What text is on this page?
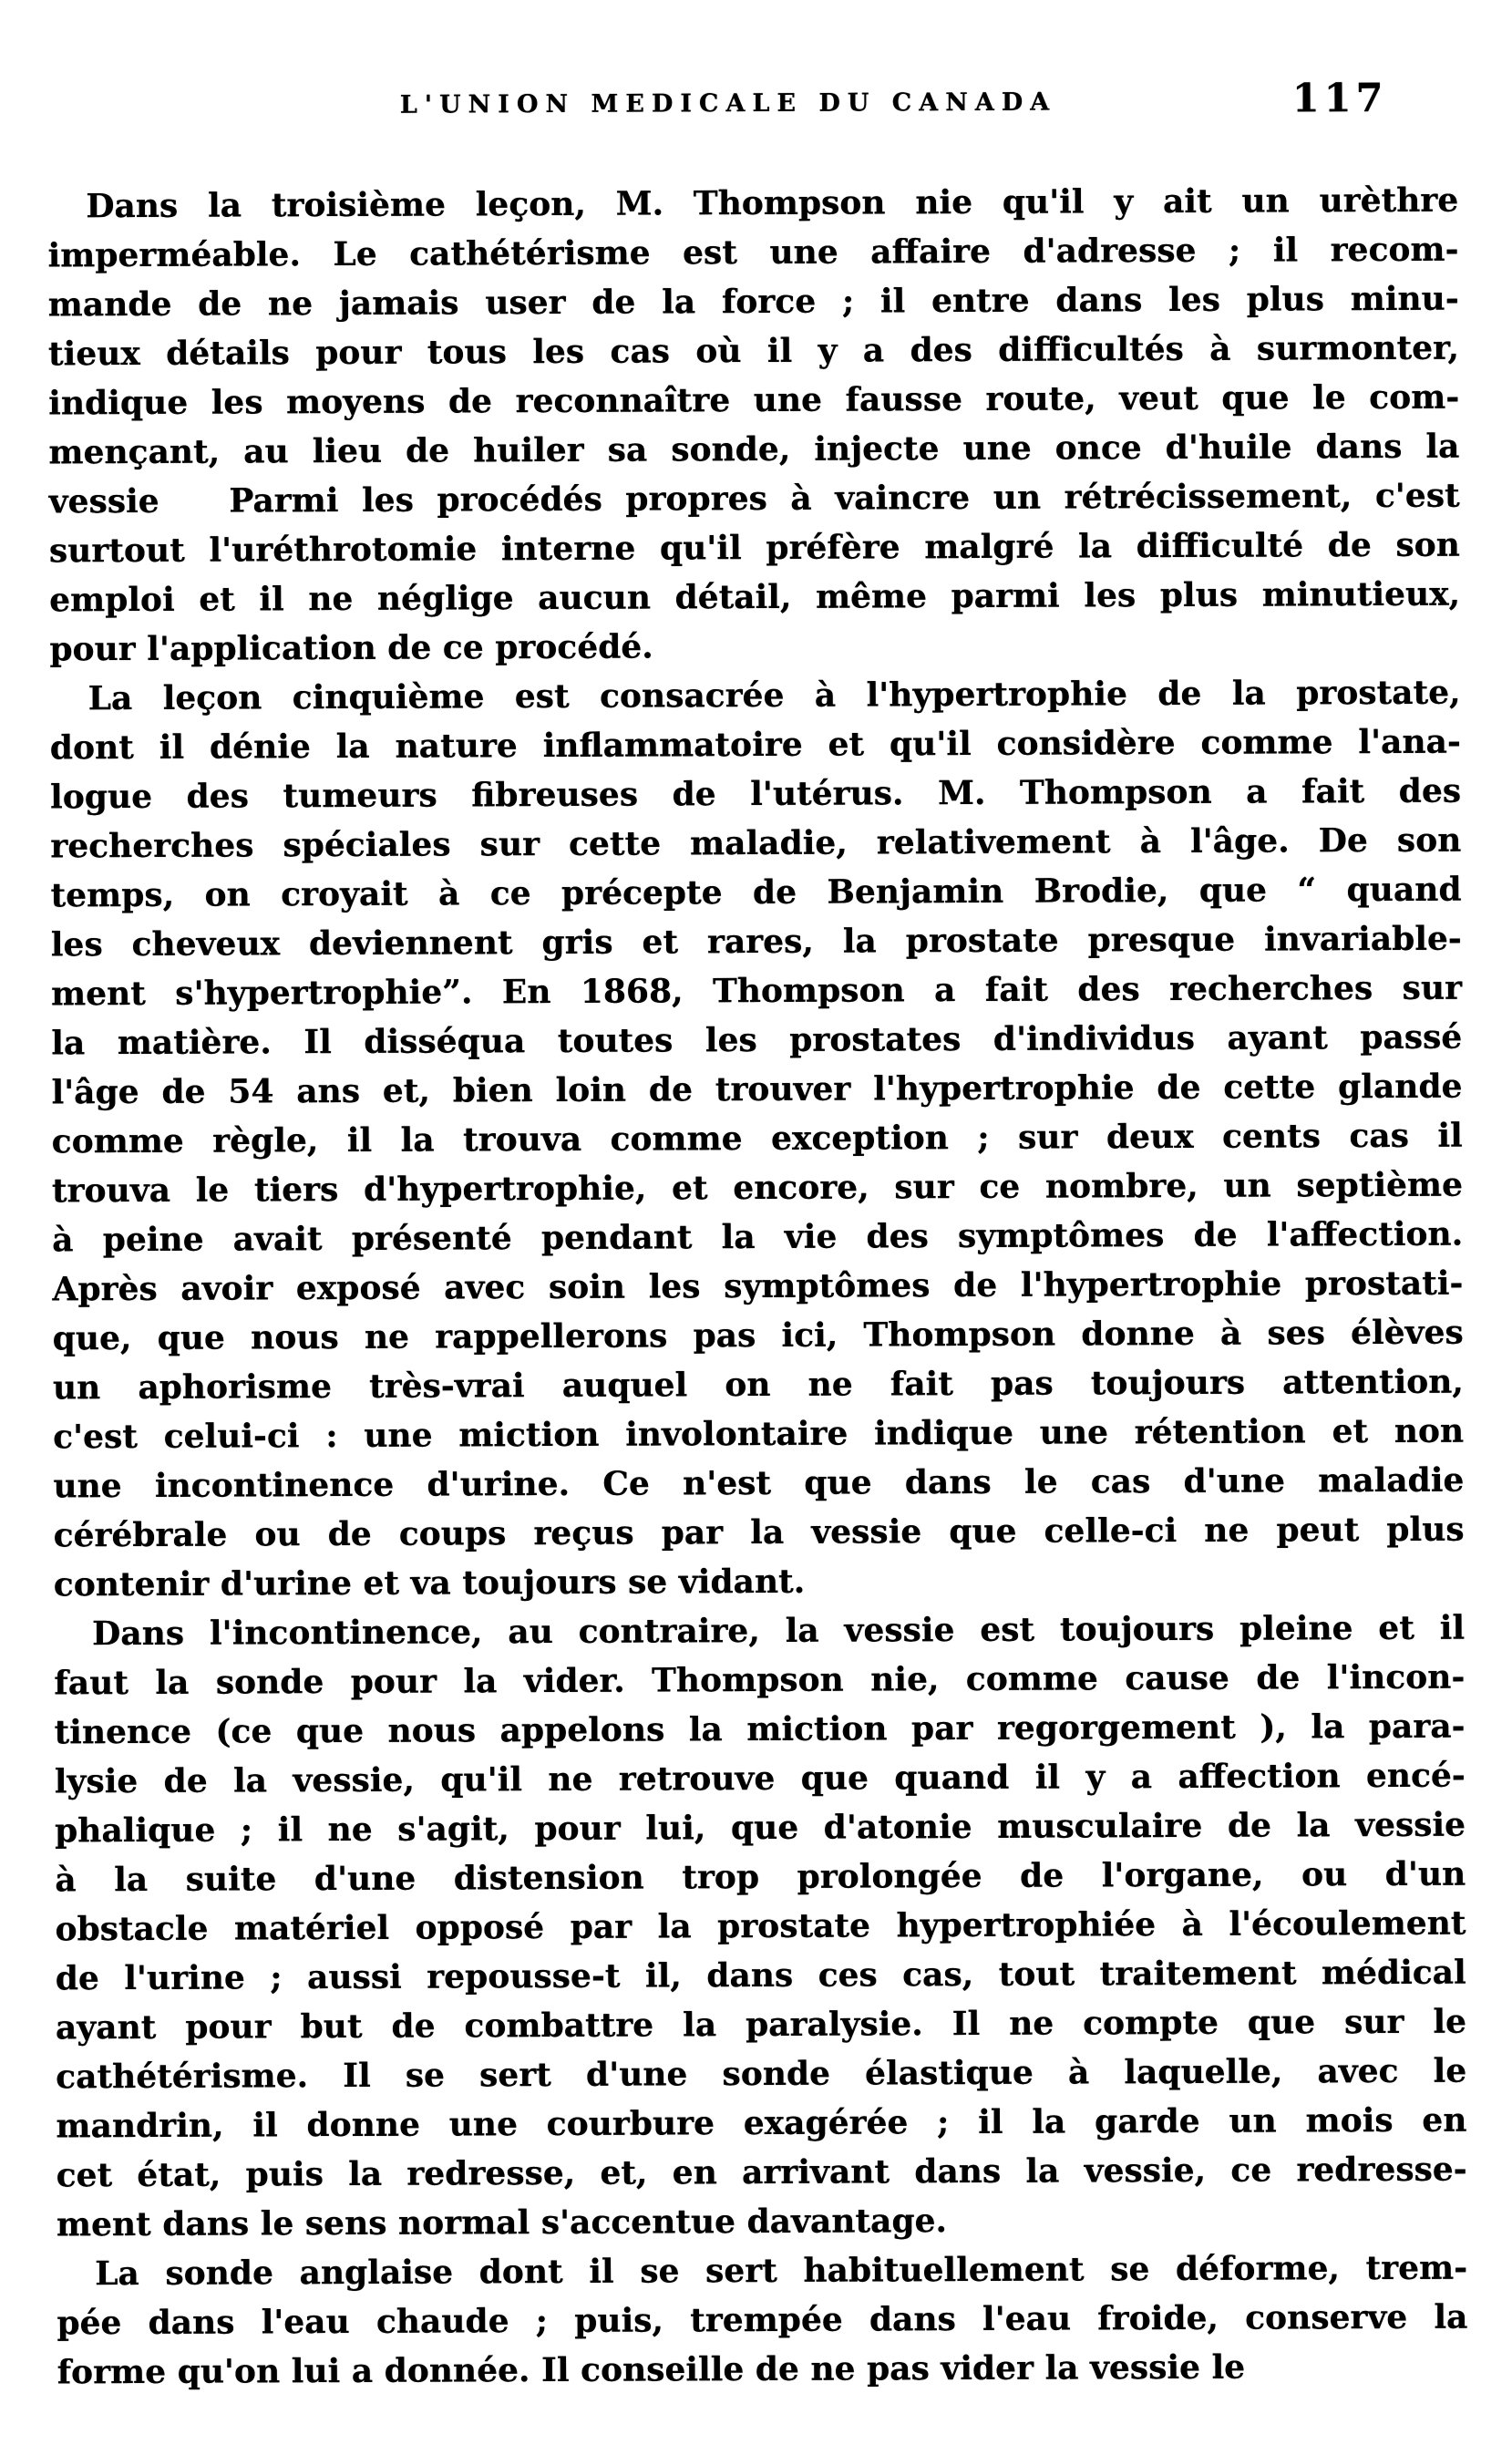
L'UNION MEDICALE DU CANADA	117
Dans la troisième leçon, M. Thompson nie qu'il y ait un urèthre
imperméable. Le cathétérisme est une affaire d'adresse ; il recom-
mande de ne jamais user de la force ; il entre dans les plus minu-
tieux détails pour tous les cas où il y a des difficultés à surmonter,
indique les moyens de reconnaître une fausse route, veut que le com-
mençant, au lieu de huiler sa sonde, injecte une once d'huile dans la
vessie   Parmi les procédés propres à vaincre un rétrécissement, c'est
surtout l'uréthrotomie interne qu'il préfère malgré la difficulté de son
emploi et il ne néglige aucun détail, même parmi les plus minutieux,
pour l'application de ce procédé.
La leçon cinquième est consacrée à l'hypertrophie de la prostate,
dont il dénie la nature inflammatoire et qu'il considère comme l'ana-
logue des tumeurs fibreuses de l'utérus. M. Thompson a fait des
recherches spéciales sur cette maladie, relativement à l'âge. De son
temps, on croyait à ce précepte de Benjamin Brodie, que “ quand
les cheveux deviennent gris et rares, la prostate presque invariable-
ment s'hypertrophie”. En 1868, Thompson a fait des recherches sur
la matière. Il disséqua toutes les prostates d'individus ayant passé
l'âge de 54 ans et, bien loin de trouver l'hypertrophie de cette glande
comme règle, il la trouva comme exception ; sur deux cents cas il
trouva le tiers d'hypertrophie, et encore, sur ce nombre, un septième
à peine avait présenté pendant la vie des symptômes de l'affection.
Après avoir exposé avec soin les symptômes de l'hypertrophie prostati-
que, que nous ne rappellerons pas ici, Thompson donne à ses élèves
un aphorisme très-vrai auquel on ne fait pas toujours attention,
c'est celui-ci : une miction involontaire indique une rétention et non
une incontinence d'urine. Ce n'est que dans le cas d'une maladie
cérébrale ou de coups reçus par la vessie que celle-ci ne peut plus
contenir d'urine et va toujours se vidant.
Dans l'incontinence, au contraire, la vessie est toujours pleine et il
faut la sonde pour la vider. Thompson nie, comme cause de l'incon-
tinence (ce que nous appelons la miction par regorgement ), la para-
lysie de la vessie, qu'il ne retrouve que quand il y a affection encé-
phalique ; il ne s'agit, pour lui, que d'atonie musculaire de la vessie
à la suite d'une distension trop prolongée de l'organe, ou d'un
obstacle matériel opposé par la prostate hypertrophiée à l'écoulement
de l'urine ; aussi repousse-t il, dans ces cas, tout traitement médical
ayant pour but de combattre la paralysie. Il ne compte que sur le
cathétérisme. Il se sert d'une sonde élastique à laquelle, avec le
mandrin, il donne une courbure exagérée ; il la garde un mois en
cet état, puis la redresse, et, en arrivant dans la vessie, ce redresse-
ment dans le sens normal s'accentue davantage.
La sonde anglaise dont il se sert habituellement se déforme, trem-
pée dans l'eau chaude ; puis, trempée dans l'eau froide, conserve la
forme qu'on lui a donnée. Il conseille de ne pas vider la vessie le
